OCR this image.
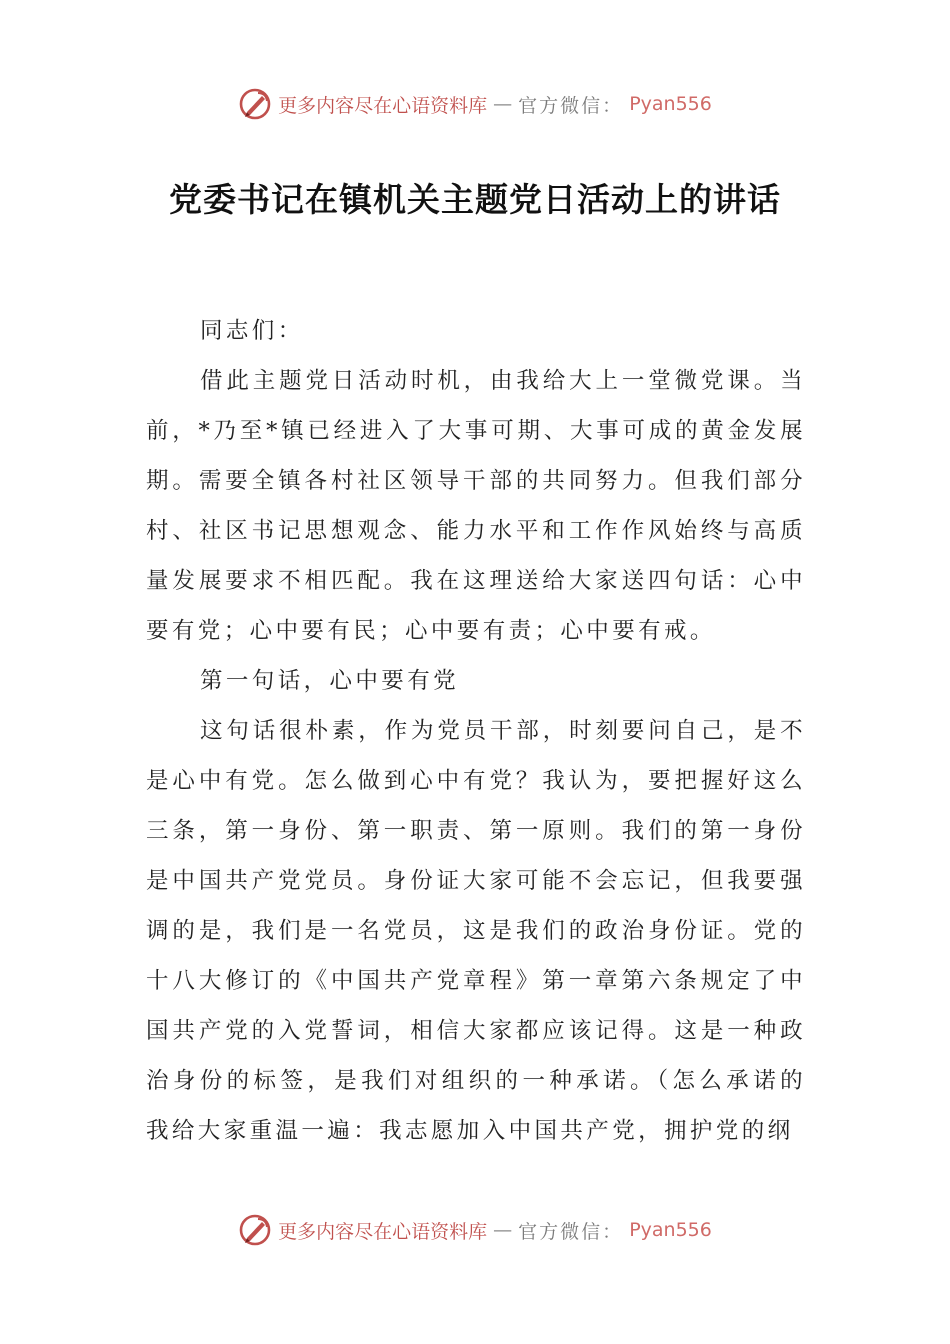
更多内容尽在心语资料库 — 官方微信： Pyan556
党委书记在镇机关主题党日活动上的讲话

同志们：

借此主题党日活动时机，由我给大上一堂微党课。当前，*乃至*镇已经进入了大事可期、大事可成的黄金发展期。需要全镇各村社区领导干部的共同努力。但我们部分村、社区书记思想观念、能力水平和工作作风始终与高质量发展要求不相匹配。我在这理送给大家送四句话：心中要有党；心中要有民；心中要有责；心中要有戒。

第一句话，心中要有党

这句话很朴素，作为党员干部，时刻要问自己，是不是心中有党。怎么做到心中有党？我认为，要把握好这么三条，第一身份、第一职责、第一原则。我们的第一身份是中国共产党党员。身份证大家可能不会忘记，但我要强调的是，我们是一名党员，这是我们的政治身份证。党的十八大修订的《中国共产党章程》第一章第六条规定了中国共产党的入党誓词，相信大家都应该记得。这是一种政治身份的标签，是我们对组织的一种承诺。（怎么承诺的我给大家重温一遍：我志愿加入中国共产党，拥护党的纲

更多内容尽在心语资料库 — 官方微信： Pyan556
